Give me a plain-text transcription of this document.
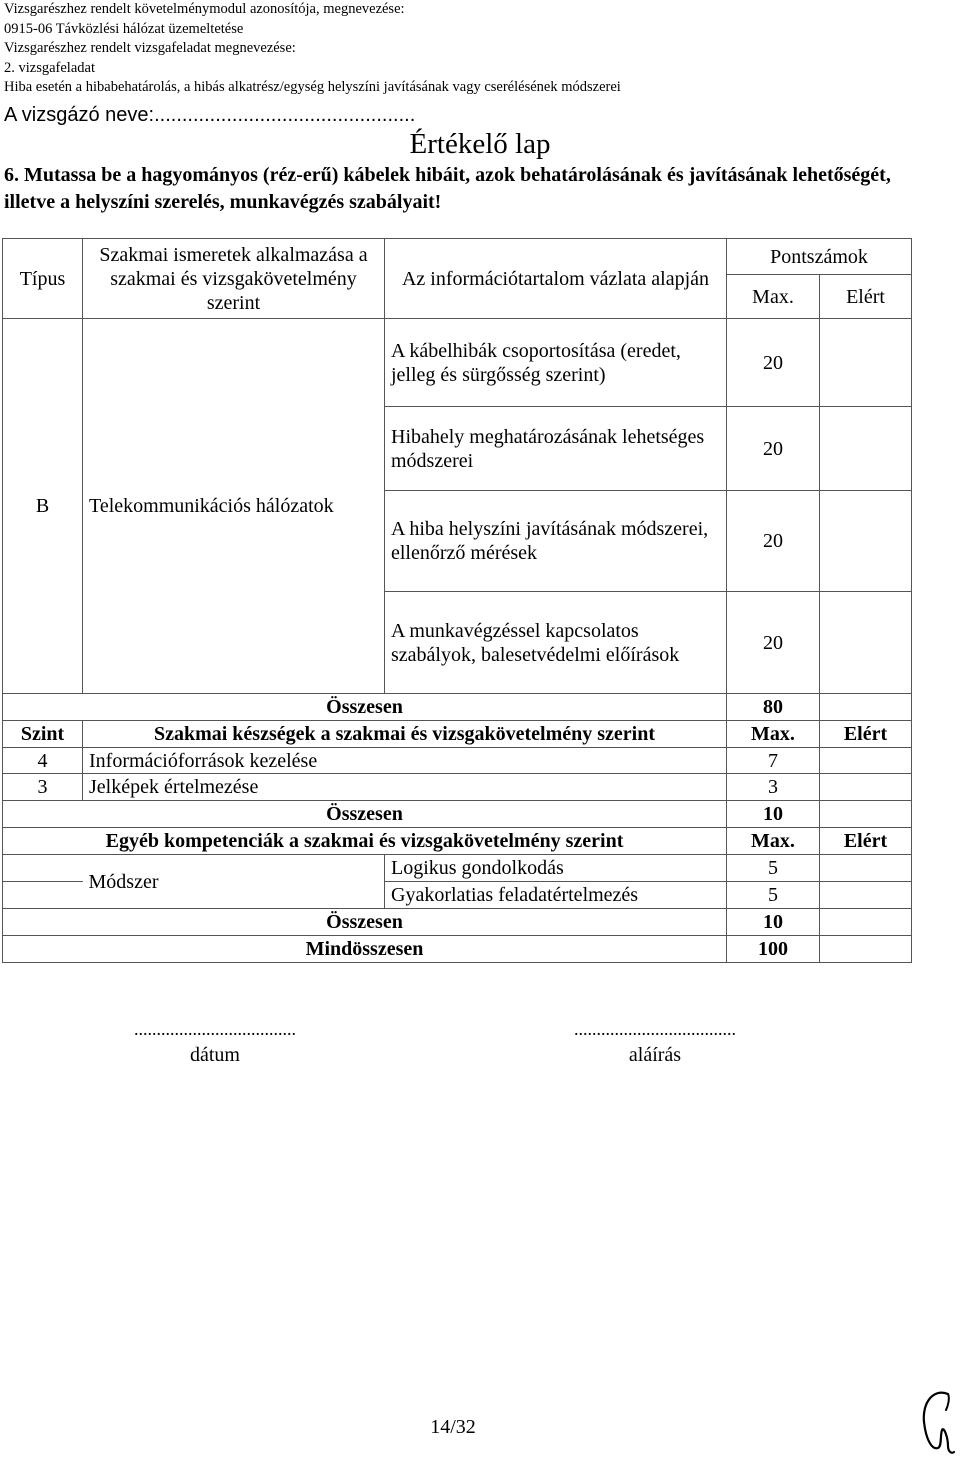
Vizsgarészhez rendelt követelménymodul azonosítója, megnevezése:
0915-06 Távközlési hálózat üzemeltetése
Vizsgarészhez rendelt vizsgafeladat megnevezése:
2. vizsgafeladat
Hiba esetén a hibabehatárolás, a hibás alkatrész/egység helyszíni javításának vagy cserélésének módszerei
A vizsgázó neve:...............................................
Értékelő lap
6. Mutassa be a hagyományos (réz-erű) kábelek hibáit, azok behatárolásának és javításának lehetőségét, illetve a helyszíni szerelés, munkavégzés szabályait!
Típus	Szakmai ismeretek alkalmazása a szakmai és vizsgakövetelmény szerint	Az információtartalom vázlata alapján	Pontszámok	
			Max.	Elért
B	Telekommunikációs hálózatok	A kábelhibák csoportosítása (eredet, jelleg és sürgősség szerint)	20	
		Hibahely meghatározásának lehetséges módszerei	20	
		A hiba helyszíni javításának módszerei, ellenőrző mérések	20	
		A munkavégzéssel kapcsolatos szabályok, balesetvédelmi előírások	20	
Összesen			80	
Szint	Szakmai készségek a szakmai és vizsgakövetelmény szerint		Max.	Elért
4	Információforrások kezelése		7	
3	Jelképek értelmezése		3	
Összesen			10	
Egyéb kompetenciák a szakmai és vizsgakövetelmény szerint			Max.	Elért
	Módszer	Logikus gondolkodás	5	
		Gyakorlatias feladatértelmezés	5	
Összesen			10	
Mindösszesen			100	
....................................
dátum
....................................
aláírás
14/32
